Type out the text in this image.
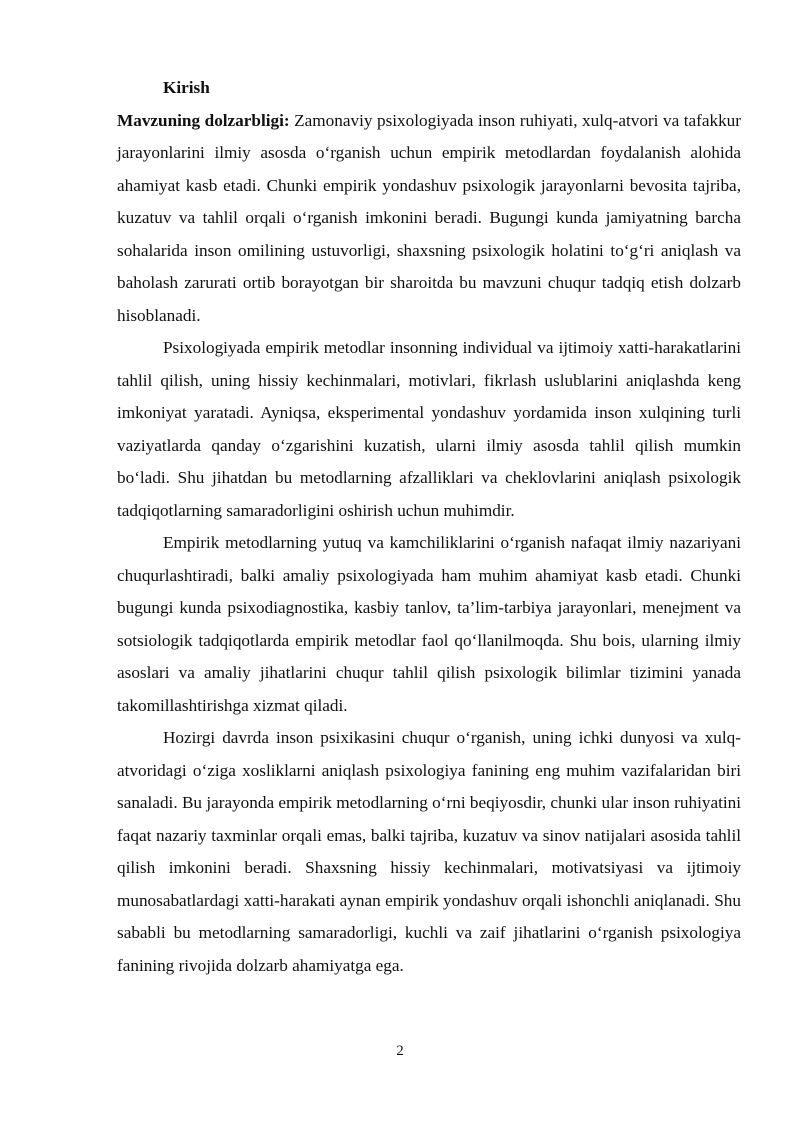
Kirish

Mavzuning dolzarbligi: Zamonaviy psixologiyada inson ruhiyati, xulq-atvori va tafakkur jarayonlarini ilmiy asosda o‘rganish uchun empirik metodlardan foydalanish alohida ahamiyat kasb etadi. Chunki empirik yondashuv psixologik jarayonlarni bevosita tajriba, kuzatuv va tahlil orqali o‘rganish imkonini beradi. Bugungi kunda jamiyatning barcha sohalarida inson omilining ustuvorligi, shaxsning psixologik holatini to‘g‘ri aniqlash va baholash zarurati ortib borayotgan bir sharoitda bu mavzuni chuqur tadqiq etish dolzarb hisoblanadi.

Psixologiyada empirik metodlar insonning individual va ijtimoiy xatti-harakatlarini tahlil qilish, uning hissiy kechinmalari, motivlari, fikrlash uslublarini aniqlashda keng imkoniyat yaratadi. Ayniqsa, eksperimental yondashuv yordamida inson xulqining turli vaziyatlarda qanday o‘zgarishini kuzatish, ularni ilmiy asosda tahlil qilish mumkin bo‘ladi. Shu jihatdan bu metodlarning afzalliklari va cheklovlarini aniqlash psixologik tadqiqotlarning samaradorligini oshirish uchun muhimdir.

Empirik metodlarning yutuq va kamchiliklarini o‘rganish nafaqat ilmiy nazariyani chuqurlashtiradi, balki amaliy psixologiyada ham muhim ahamiyat kasb etadi. Chunki bugungi kunda psixodiagnostika, kasbiy tanlov, ta’lim-tarbiya jarayonlari, menejment va sotsiologik tadqiqotlarda empirik metodlar faol qo‘llanilmoqda. Shu bois, ularning ilmiy asoslari va amaliy jihatlarini chuqur tahlil qilish psixologik bilimlar tizimini yanada takomillashtirishga xizmat qiladi.

Hozirgi davrda inson psixikasini chuqur o‘rganish, uning ichki dunyosi va xulq-atvoridagi o‘ziga xosliklarni aniqlash psixologiya fanining eng muhim vazifalaridan biri sanaladi. Bu jarayonda empirik metodlarning o‘rni beqiyosdir, chunki ular inson ruhiyatini faqat nazariy taxminlar orqali emas, balki tajriba, kuzatuv va sinov natijalari asosida tahlil qilish imkonini beradi. Shaxsning hissiy kechinmalari, motivatsiyasi va ijtimoiy munosabatlardagi xatti-harakati aynan empirik yondashuv orqali ishonchli aniqlanadi. Shu sababli bu metodlarning samaradorligi, kuchli va zaif jihatlarini o‘rganish psixologiya fanining rivojida dolzarb ahamiyatga ega.

2
